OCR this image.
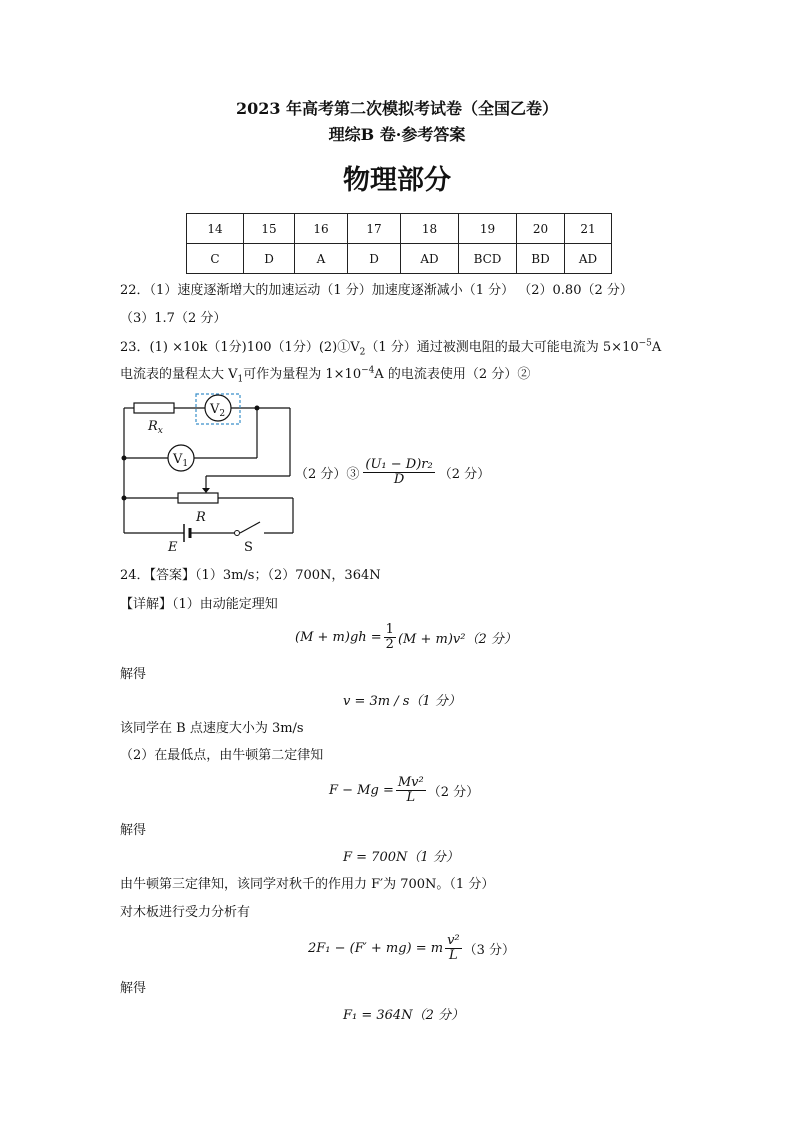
2023 年高考第二次模拟考试卷（全国乙卷）
理综B 卷·参考答案
物理部分
14	15	16	17	18	19	20	21
C	D	A	D	AD	BCD	BD	AD
22．（1）速度逐渐增大的加速运动（1 分）加速度逐渐减小（1 分） （2）0.80（2 分）
（3）1.7（2 分）
23．(1) ×10k（1分)100（1分）$(2)①V_2(1$ 分）通过被测电阻的最大可能电流为 $5\times 10^{-5}A$
电流表的量程太大 $V_1$可作为量程为 $1\times 10^{-4}A$ 的电流表使用（2 分）②
$V_2$
$V_1$
$R_x$
R
E	S
（2 分）③ $\frac{\text{(U₁ − D)r₂}}{D} (2$ 分）
24．【答案】（1）3m/s；（2）700N，364N
【详解】（1）由动能定理知
$(M + m)gh = \frac{1}{2} (M + m)v^2(2$ 分）
解得
v = 3m / s（1 分）
该同学在 B 点速度大小为 3m/s
（2）在最低点，由牛顿第二定律知
$F - Mg = \frac{\text{Mv²}}{L} (2$ 分）
解得
F = 700N（1 分）
由牛顿第三定律知，该同学对秋千的作用力 F′为 700N。（1 分）
对木板进行受力分析有
2F₁ − (F′ + mg) = m $\frac{\text{v²}}{L} (3$ 分）
解得
F₁ = 364N（2 分）
